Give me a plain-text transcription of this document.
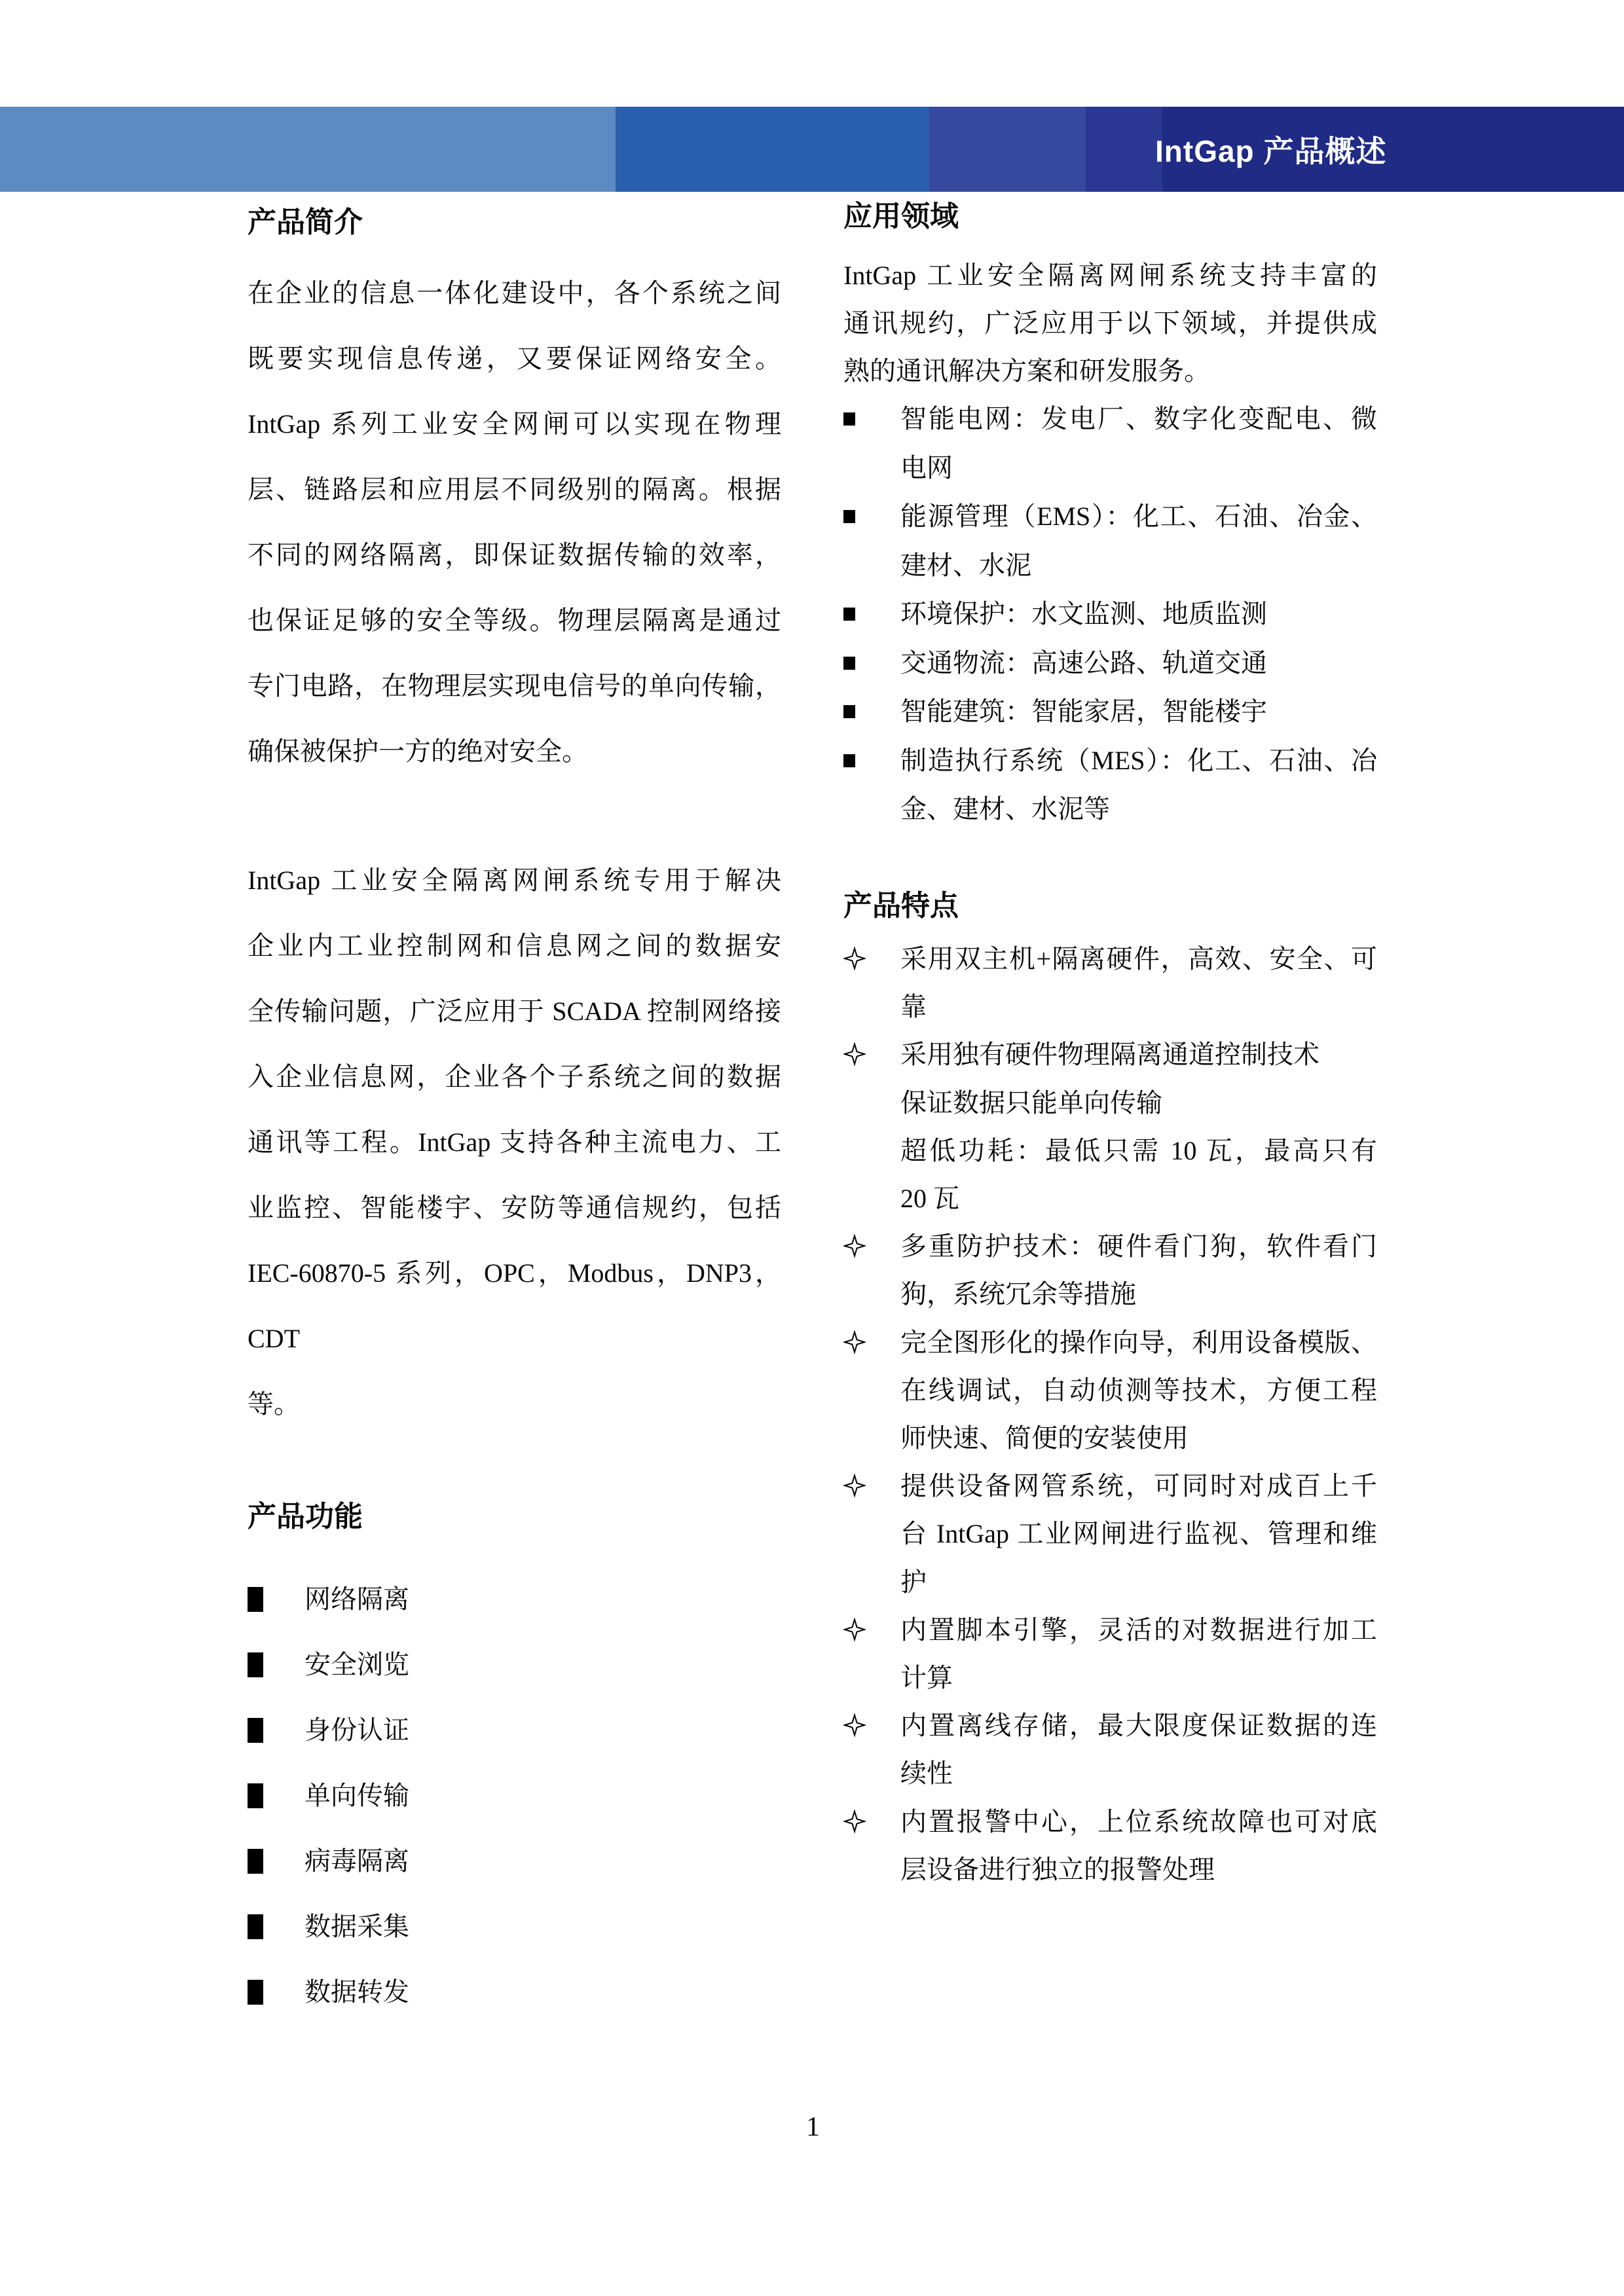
IntGap 产品概述
产品简介
在企业的信息一体化建设中，各个系统之间
既要实现信息传递，又要保证网络安全。
IntGap 系列工业安全网闸可以实现在物理
层、链路层和应用层不同级别的隔离。根据
不同的网络隔离，即保证数据传输的效率，
也保证足够的安全等级。物理层隔离是通过
专门电路，在物理层实现电信号的单向传输，
确保被保护一方的绝对安全。
IntGap 工业安全隔离网闸系统专用于解决
企业内工业控制网和信息网之间的数据安
全传输问题，广泛应用于 SCADA 控制网络接
入企业信息网，企业各个子系统之间的数据
通讯等工程。IntGap 支持各种主流电力、工
业监控、智能楼宇、安防等通信规约，包括
IEC-60870-5 系列，OPC，Modbus，DNP3，CDT
等。
产品功能
网络隔离
安全浏览
身份认证
单向传输
病毒隔离
数据采集
数据转发
应用领域
IntGap 工业安全隔离网闸系统支持丰富的
通讯规约，广泛应用于以下领域，并提供成
熟的通讯解决方案和研发服务。
智能电网：发电厂、数字化变配电、微
电网
能源管理（EMS）：化工、石油、冶金、
建材、水泥
环境保护：水文监测、地质监测
交通物流：高速公路、轨道交通
智能建筑：智能家居，智能楼宇
制造执行系统（MES）：化工、石油、冶
金、建材、水泥等
产品特点
采用双主机+隔离硬件，高效、安全、可
靠
采用独有硬件物理隔离通道控制技术
保证数据只能单向传输
超低功耗：最低只需 10 瓦，最高只有
20 瓦
多重防护技术：硬件看门狗，软件看门
狗，系统冗余等措施
完全图形化的操作向导，利用设备模版、
在线调试，自动侦测等技术，方便工程
师快速、简便的安装使用
提供设备网管系统，可同时对成百上千
台 IntGap 工业网闸进行监视、管理和维
护
内置脚本引擎，灵活的对数据进行加工
计算
内置离线存储，最大限度保证数据的连
续性
内置报警中心，上位系统故障也可对底
层设备进行独立的报警处理
1
